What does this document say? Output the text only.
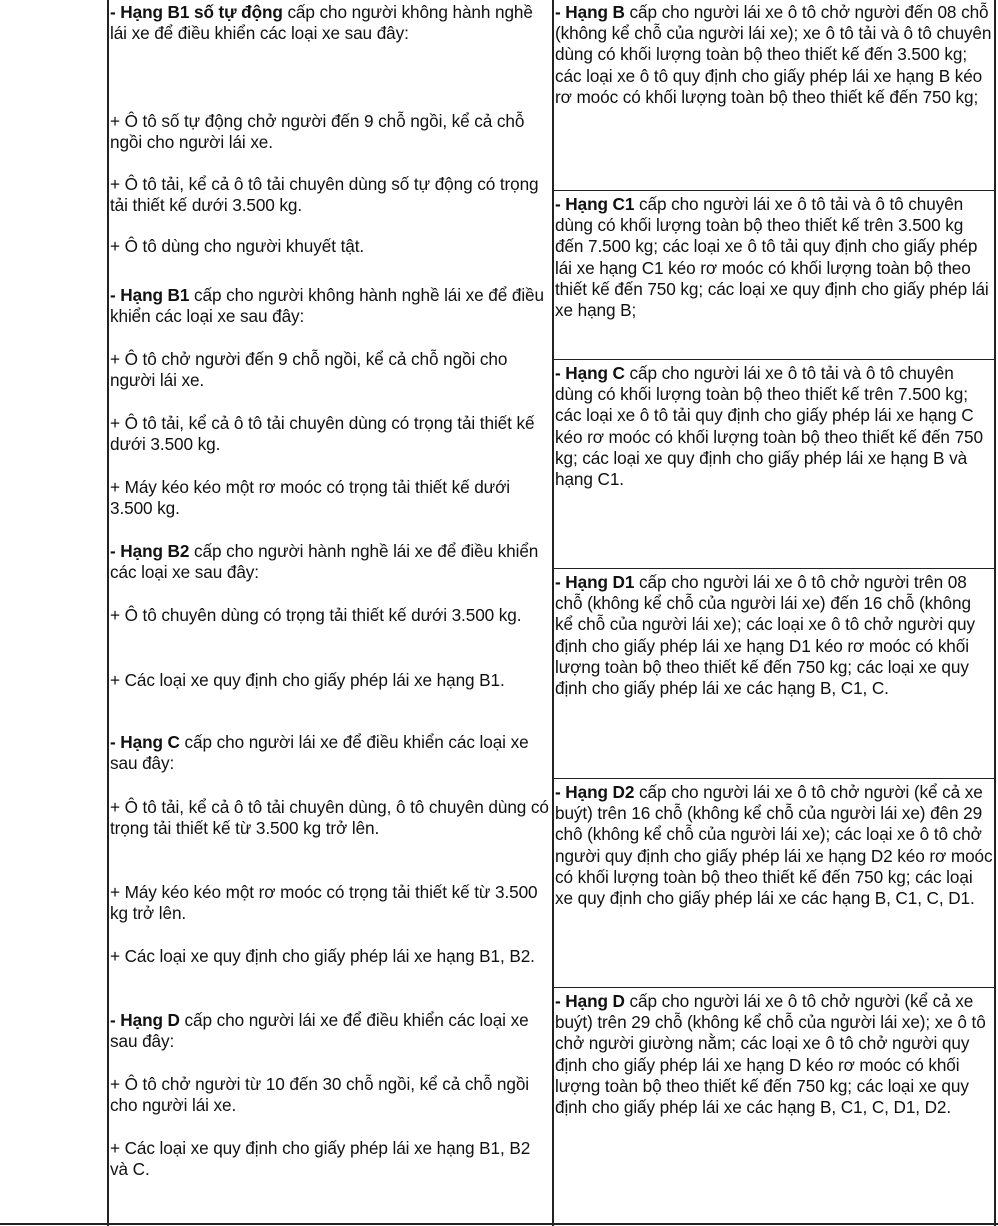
- Hạng B1 số tự động cấp cho người không hành nghề lái xe để điều khiển các loại xe sau đây:

+ Ô tô số tự động chở người đến 9 chỗ ngồi, kể cả chỗ ngồi cho người lái xe.

+ Ô tô tải, kể cả ô tô tải chuyên dùng số tự động có trọng tải thiết kế dưới 3.500 kg.

+ Ô tô dùng cho người khuyết tật.

- Hạng B1 cấp cho người không hành nghề lái xe để điều khiển các loại xe sau đây:

+ Ô tô chở người đến 9 chỗ ngồi, kể cả chỗ ngồi cho người lái xe.

+ Ô tô tải, kể cả ô tô tải chuyên dùng có trọng tải thiết kế dưới 3.500 kg.

+ Máy kéo kéo một rơ moóc có trọng tải thiết kế dưới 3.500 kg.

- Hạng B2 cấp cho người hành nghề lái xe để điều khiển các loại xe sau đây:

+ Ô tô chuyên dùng có trọng tải thiết kế dưới 3.500 kg.

+ Các loại xe quy định cho giấy phép lái xe hạng B1.

- Hạng C cấp cho người lái xe để điều khiển các loại xe sau đây:

+ Ô tô tải, kể cả ô tô tải chuyên dùng, ô tô chuyên dùng có trọng tải thiết kế từ 3.500 kg trở lên.

+ Máy kéo kéo một rơ moóc có trọng tải thiết kế từ 3.500 kg trở lên.

+ Các loại xe quy định cho giấy phép lái xe hạng B1, B2.

- Hạng D cấp cho người lái xe để điều khiển các loại xe sau đây:

+ Ô tô chở người từ 10 đến 30 chỗ ngồi, kể cả chỗ ngồi cho người lái xe.

+ Các loại xe quy định cho giấy phép lái xe hạng B1, B2 và C.

- Hạng B cấp cho người lái xe ô tô chở người đến 08 chỗ (không kể chỗ của người lái xe); xe ô tô tải và ô tô chuyên dùng có khối lượng toàn bộ theo thiết kế đến 3.500 kg; các loại xe ô tô quy định cho giấy phép lái xe hạng B kéo rơ moóc có khối lượng toàn bộ theo thiết kế đến 750 kg;

- Hạng C1 cấp cho người lái xe ô tô tải và ô tô chuyên dùng có khối lượng toàn bộ theo thiết kế trên 3.500 kg đến 7.500 kg; các loại xe ô tô tải quy định cho giấy phép lái xe hạng C1 kéo rơ moóc có khối lượng toàn bộ theo thiết kế đến 750 kg; các loại xe quy định cho giấy phép lái xe hạng B;

- Hạng C cấp cho người lái xe ô tô tải và ô tô chuyên dùng có khối lượng toàn bộ theo thiết kế trên 7.500 kg; các loại xe ô tô tải quy định cho giấy phép lái xe hạng C kéo rơ moóc có khối lượng toàn bộ theo thiết kế đến 750 kg; các loại xe quy định cho giấy phép lái xe hạng B và hạng C1.

- Hạng D1 cấp cho người lái xe ô tô chở người trên 08 chỗ (không kể chỗ của người lái xe) đến 16 chỗ (không kể chỗ của người lái xe); các loại xe ô tô chở người quy định cho giấy phép lái xe hạng D1 kéo rơ moóc có khối lượng toàn bộ theo thiết kế đến 750 kg; các loại xe quy định cho giấy phép lái xe các hạng B, C1, C.

- Hạng D2 cấp cho người lái xe ô tô chở người (kể cả xe buýt) trên 16 chỗ (không kể chỗ của người lái xe) đên 29 chô (không kể chỗ của người lái xe); các loại xe ô tô chở người quy định cho giấy phép lái xe hạng D2 kéo rơ moóc có khối lượng toàn bộ theo thiết kế đến 750 kg; các loại xe quy định cho giấy phép lái xe các hạng B, C1, C, D1.

- Hạng D cấp cho người lái xe ô tô chở người (kể cả xe buýt) trên 29 chỗ (không kể chỗ của người lái xe); xe ô tô chở người giường nằm; các loại xe ô tô chở người quy định cho giấy phép lái xe hạng D kéo rơ moóc có khối lượng toàn bộ theo thiết kế đến 750 kg; các loại xe quy định cho giấy phép lái xe các hạng B, C1, C, D1, D2.
